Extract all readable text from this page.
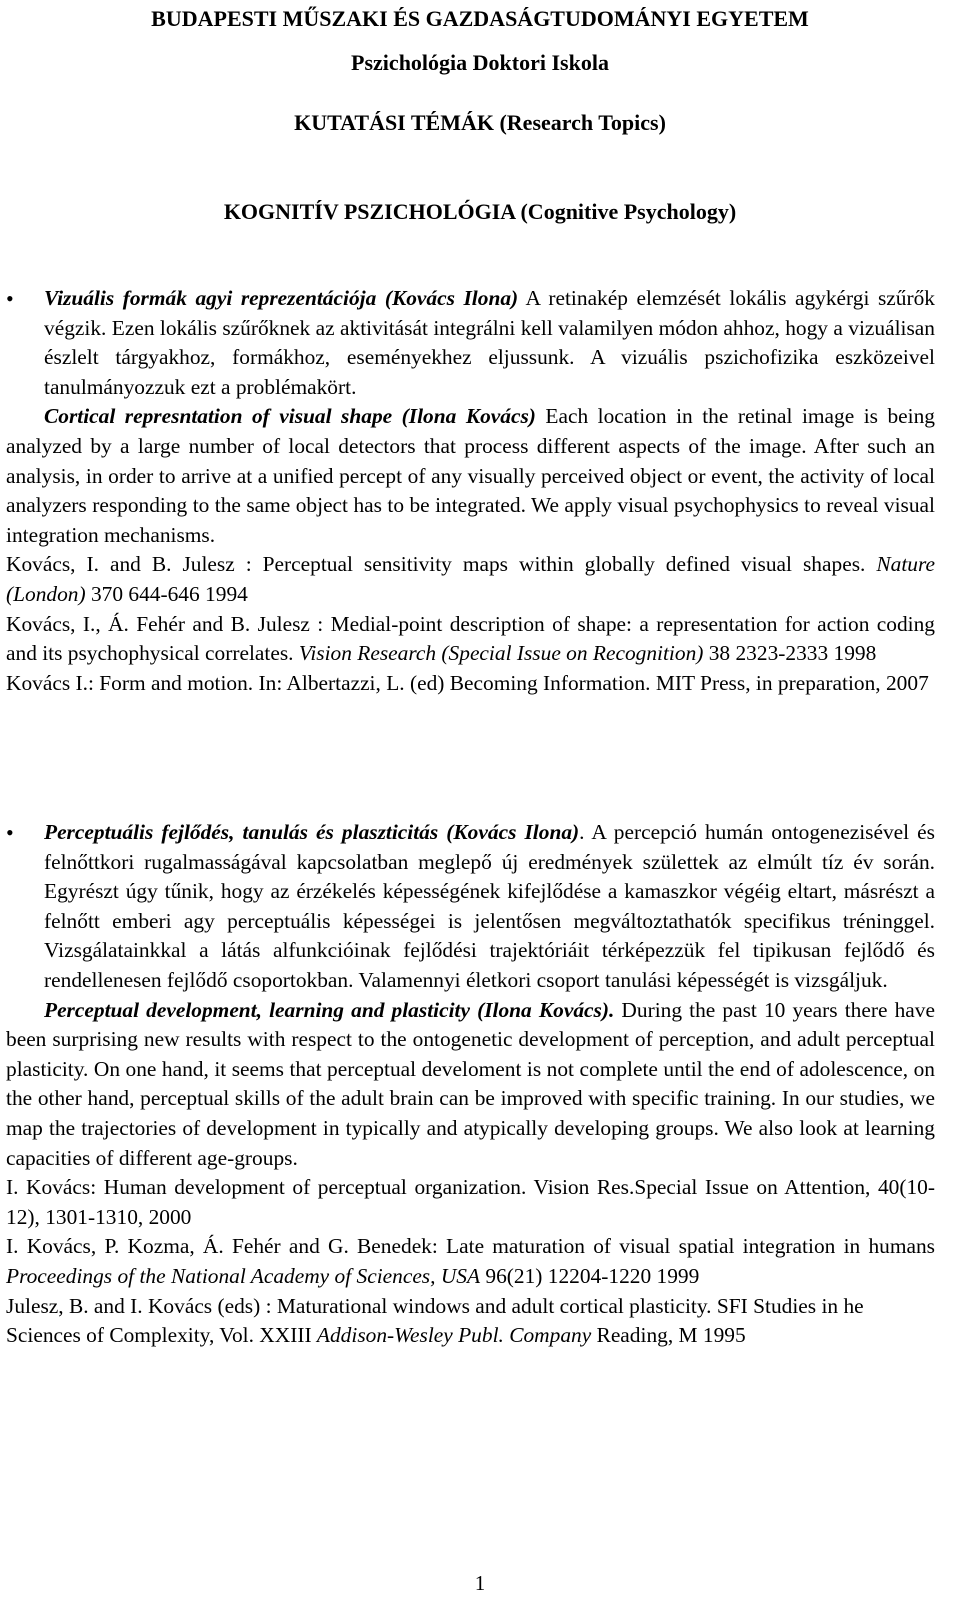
BUDAPESTI MŰSZAKI ÉS GAZDASÁGTUDOMÁNYI EGYETEM
Pszichológia Doktori Iskola
KUTATÁSI TÉMÁK (Research Topics)
KOGNITÍV PSZICHOLÓGIA (Cognitive Psychology)

•	Vizuális formák agyi reprezentációja (Kovács Ilona) A retinakép elemzését lokális agykérgi szűrők végzik. Ezen lokális szűrőknek az aktivitását integrálni kell valamilyen módon ahhoz, hogy a vizuálisan észlelt tárgyakhoz, formákhoz, eseményekhez eljussunk. A vizuális pszichofizika eszközeivel tanulmányozzuk ezt a problémakört.

Cortical represntation of visual shape (Ilona Kovács) Each location in the retinal image is being analyzed by a large number of local detectors that process different aspects of the image. After such an analysis, in order to arrive at a unified percept of any visually perceived object or event, the activity of local analyzers responding to the same object has to be integrated. We apply visual psychophysics to reveal visual integration mechanisms.

Kovács, I. and B. Julesz : Perceptual sensitivity maps within globally defined visual shapes. Nature (London) 370 644-646 1994

Kovács, I., Á. Fehér and B. Julesz : Medial-point description of shape: a representation for action coding and its psychophysical correlates. Vision Research (Special Issue on Recognition) 38 2323-2333 1998

Kovács I.: Form and motion. In: Albertazzi, L. (ed) Becoming Information. MIT Press, in preparation, 2007

•	Perceptuális fejlődés, tanulás és plaszticitás (Kovács Ilona). A percepció humán ontogenezisével és felnőttkori rugalmasságával kapcsolatban meglepő új eredmények születtek az elmúlt tíz év során. Egyrészt úgy tűnik, hogy az érzékelés képességének kifejlődése a kamaszkor végéig eltart, másrészt a felnőtt emberi agy perceptuális képességei is jelentősen megváltoztathatók specifikus tréninggel. Vizsgálatainkkal a látás alfunkcióinak fejlődési trajektóriáit térképezzük fel tipikusan fejlődő és rendellenesen fejlődő csoportokban. Valamennyi életkori csoport tanulási képességét is vizsgáljuk.

Perceptual development, learning and plasticity (Ilona Kovács). During the past 10 years there have been surprising new results with respect to the ontogenetic development of perception, and adult perceptual plasticity. On one hand, it seems that perceptual develoment is not complete until the end of adolescence, on the other hand, perceptual skills of the adult brain can be improved with specific training. In our studies, we map the trajectories of development in typically and atypically developing groups. We also look at learning capacities of different age-groups.

I. Kovács: Human development of perceptual organization. Vision Res.Special Issue on Attention, 40(10-12), 1301-1310, 2000

I. Kovács, P. Kozma, Á. Fehér and G. Benedek: Late maturation of visual spatial integration in humans Proceedings of the National Academy of Sciences, USA 96(21) 12204-1220 1999

Julesz, B. and I. Kovács (eds) : Maturational windows and adult cortical plasticity. SFI Studies in he Sciences of Complexity, Vol. XXIII Addison-Wesley Publ. Company Reading, M 1995

1
